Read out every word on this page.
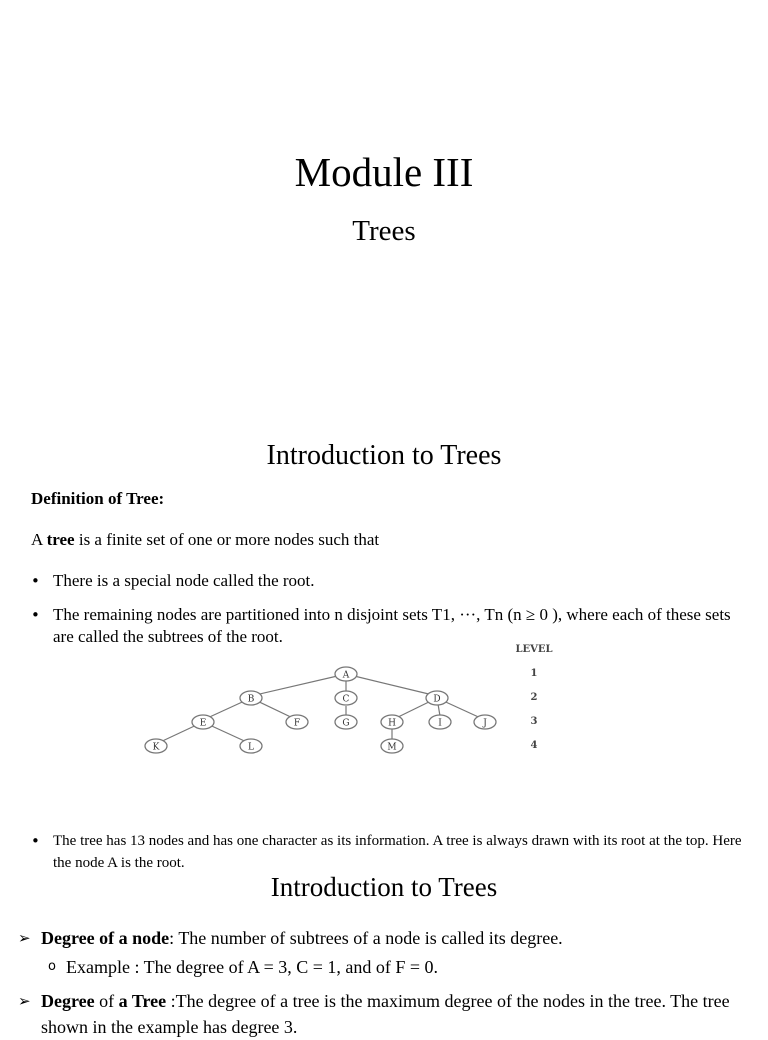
Module III
Trees
Introduction to Trees
Definition of Tree:
A tree is a finite set of one or more nodes such that
• There is a special node called the root.
• The remaining nodes are partitioned into n disjoint sets T1, ···, Tn (n ≥ 0 ), where each of these sets are called the subtrees of the root.
A
B	C	D
E	F	G	H	I	J
K	L	M
LEVEL
1
2
3
4
• The tree has 13 nodes and has one character as its information. A tree is always drawn with its root at the top. Here the node A is the root.
Introduction to Trees
➢ Degree of a node: The number of subtrees of a node is called its degree.
o Example : The degree of A = 3, C = 1, and of F = 0.
➢ Degree of a Tree :The degree of a tree is the maximum degree of the nodes in the tree. The tree shown in the example has degree 3.
